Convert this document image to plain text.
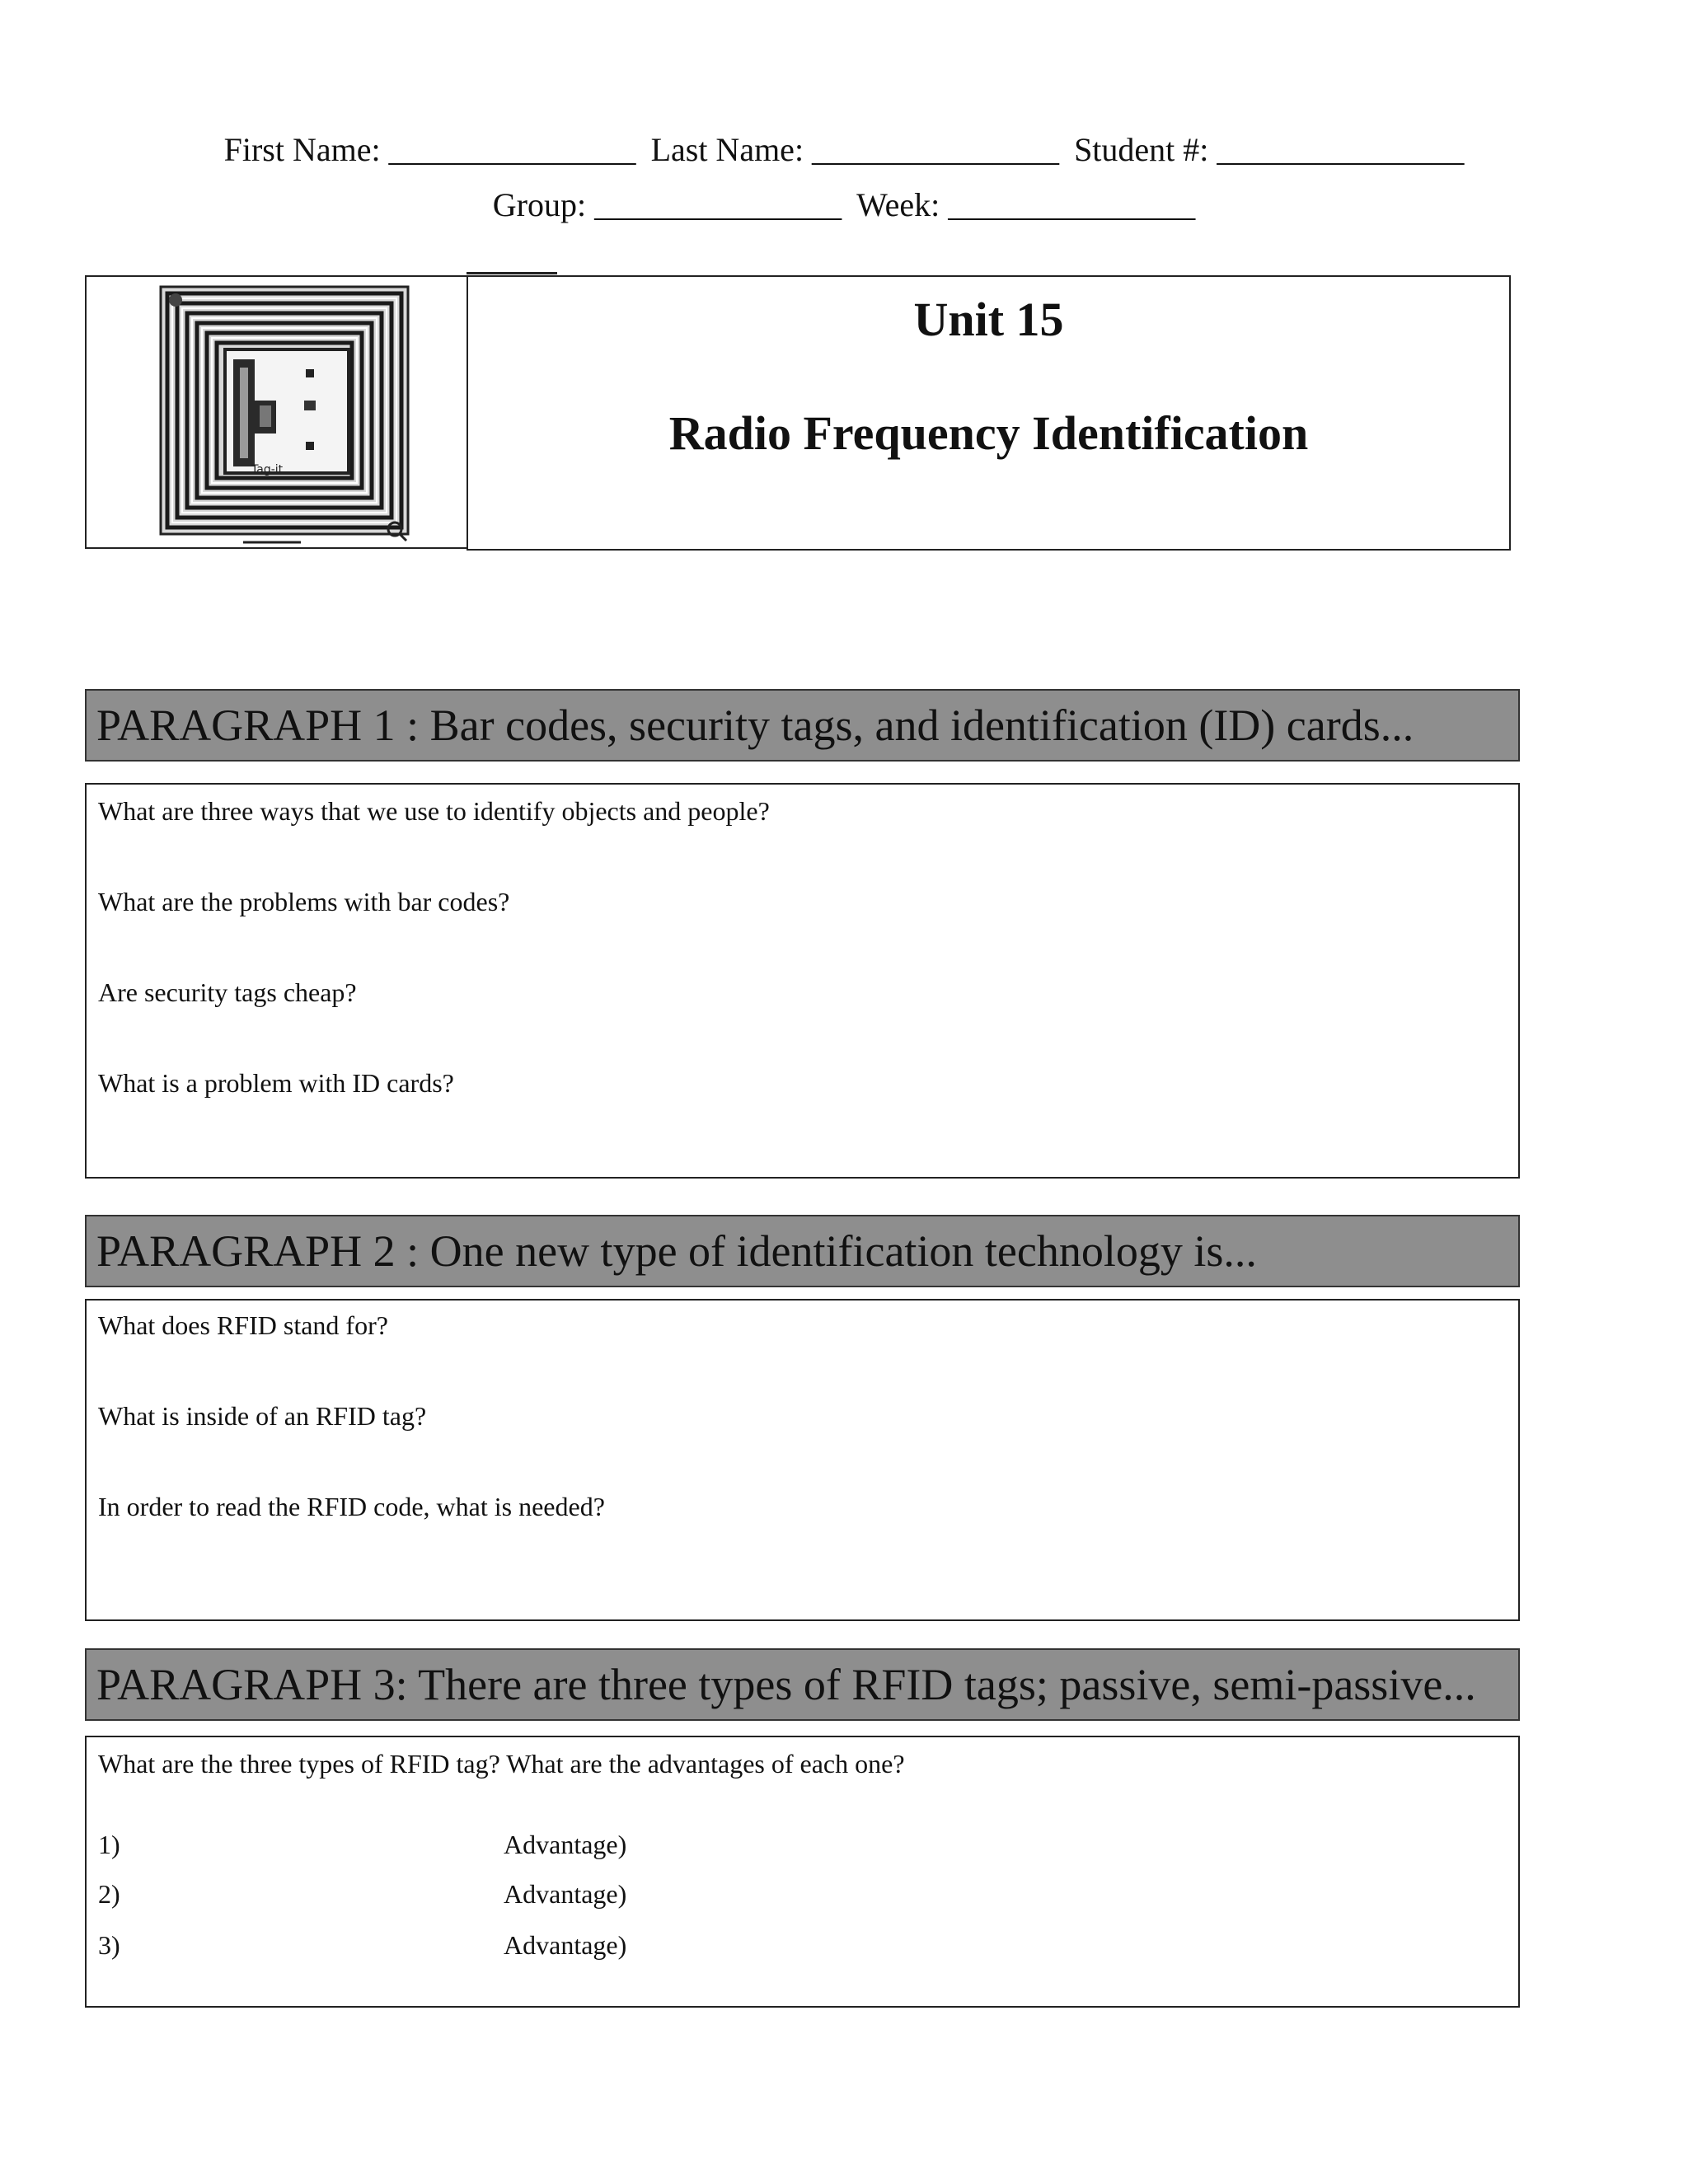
First Name: _______________ Last Name: _______________ Student #: _______________
Group: _______________ Week: _______________
Tag-it
Unit 15
Radio Frequency Identification
PARAGRAPH 1 : Bar codes, security tags, and identification (ID) cards...
What are three ways that we use to identify objects and people?
What are the problems with bar codes?
Are security tags cheap?
What is a problem with ID cards?
PARAGRAPH 2 : One new type of identification technology is...
What does RFID stand for?
What is inside of an RFID tag?
In order to read the RFID code, what is needed?
PARAGRAPH 3: There are three types of RFID tags; passive, semi-passive...
What are the three types of RFID tag? What are the advantages of each one?
1)	Advantage)
2)	Advantage)
3)	Advantage)
